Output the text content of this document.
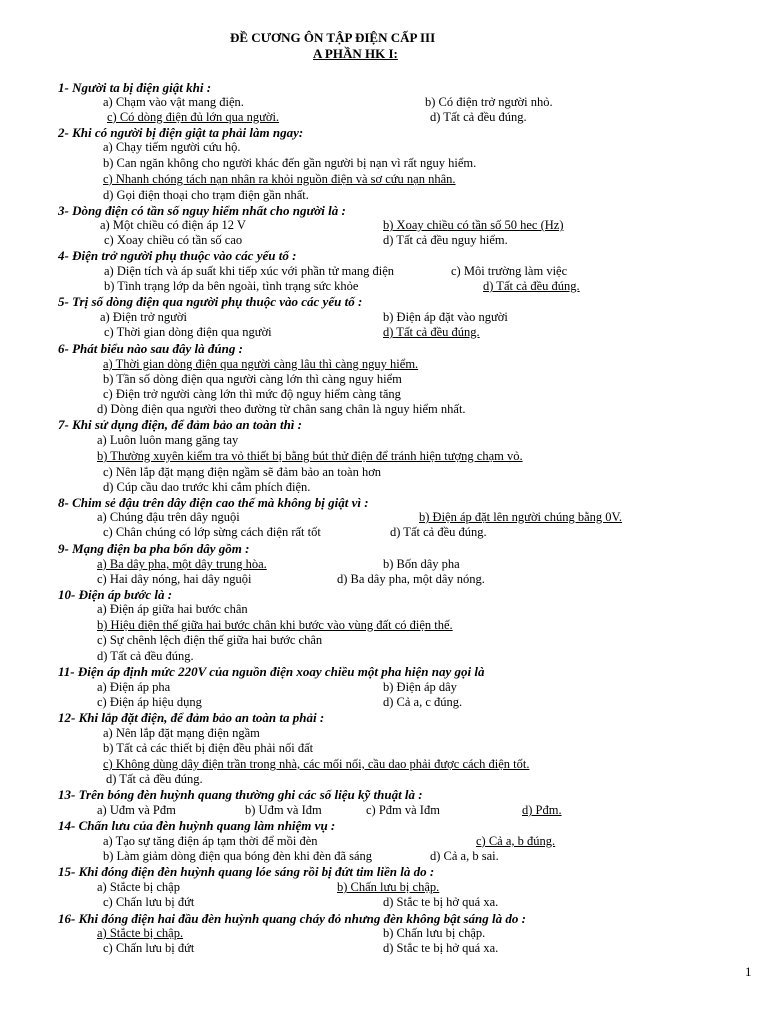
ĐỀ CƯƠNG ÔN TẬP ĐIỆN CẤP III
A PHẦN HK I:
1- Người ta bị điện giật khi :
a) Chạm vào vật mang điện.	b) Có điện trở người nhỏ.
c) Có dòng điện đủ lớn qua người.	d) Tất cả đều đúng.
2- Khi có người bị điện giật ta phải làm ngay:
a) Chạy tiếm người cứu hộ.
b) Can ngăn không cho người khác đến gần người bị nạn vì rất nguy hiểm.
c) Nhanh chóng tách nạn nhân ra khỏi nguồn điện và sơ cứu nạn nhân.
d) Gọi điện thoại cho trạm điện gần nhất.
3- Dòng điện có tần số nguy hiểm nhất cho người là :
a) Một chiều có điện áp 12 V	b) Xoay chiều có tần số 50 hec (Hz)
c) Xoay chiều có tần số cao	d) Tất cả đều nguy hiểm.
4- Điện trở người phụ thuộc vào các yếu tố :
a) Diện tích và áp suất khi tiếp xúc với phần tử mang điện	c) Môi trường làm việc
b) Tình trạng lớp da bên ngoài, tình trạng sức khỏe	d) Tất cả đều đúng.
5- Trị số dòng điện qua người phụ thuộc vào các yếu tố :
a) Điện trở người	b) Điện áp đặt vào người
c) Thời gian dòng điện qua người	d) Tất cả đều đúng.
6- Phát biểu nào sau đây là đúng :
a) Thời gian dòng điện qua người càng lâu thì càng nguy hiểm.
b) Tần số dòng điện qua người càng lớn thì càng nguy hiểm
c) Điện trở người càng lớn thì mức độ nguy hiểm càng tăng
d) Dòng điện qua người theo đường từ chân sang chân là nguy hiểm nhất.
7- Khi sử dụng điện, để đảm bảo an toàn thì :
a) Luôn luôn mang găng tay
b) Thường xuyên kiểm tra vỏ thiết bị bằng bút thử điện để tránh hiện tượng chạm vỏ.
c) Nên lắp đặt mạng điện ngầm sẽ đảm bảo an toàn hơn
d) Cúp cầu dao trước khi cắm phích điện.
8- Chim sẻ đậu trên dây điện cao thế mà không bị giật vì :
a) Chúng đậu trên dây nguội	b) Điện áp đặt lên người chúng bằng 0V.
c) Chân chúng có lớp sừng cách điện rất tốt	d) Tất cả đều đúng.
9- Mạng điện ba pha bốn dây gồm :
a) Ba dây pha, một dây trung hòa.	b) Bốn dây pha
c) Hai dây nóng, hai dây nguội	d) Ba dây pha, một dây nóng.
10- Điện áp bước là :
a) Điện áp giữa hai bước chân
b) Hiệu điện thế giữa hai bước chân khi bước vào vùng đất có điện thế.
c) Sự chênh lệch điện thế giữa hai bước chân
d) Tất cả đều đúng.
11- Điện áp định mức 220V của nguồn điện xoay chiều một pha hiện nay gọi là
a) Điện áp pha	b) Điện áp dây
c) Điện áp hiệu dụng	d) Cả a, c đúng.
12- Khi lắp đặt điện, để đảm bảo an toàn ta phải :
a) Nên lắp đặt mạng điện ngầm
b) Tất cả các thiết bị điện đều phải nối đất
c) Không dùng dây điện trần trong nhà, các mối nối, cầu dao phải được cách điện tốt.
d) Tất cả đều đúng.
13- Trên bóng đèn huỳnh quang thường ghi các số liệu kỹ thuật là :
a) Uđm và Pđm	b) Uđm và Iđm	c) Pđm và Iđm	d) Pđm.
14- Chấn lưu của đèn huỳnh quang làm nhiệm vụ :
a) Tạo sự tăng điện áp tạm thời để mồi đèn	c) Cả a, b đúng.
b) Làm giảm dòng điện qua bóng đèn khi đèn đã sáng	d) Cả a, b sai.
15- Khi đóng điện đèn huỳnh quang lóe sáng rồi bị đứt tim liền là do :
a) Stắcte bị chập	b) Chấn lưu bị chập.
c) Chấn lưu bị đứt	d) Stắc te bị hở quá xa.
16- Khi đóng điện hai đầu đèn huỳnh quang cháy đỏ nhưng đèn không bật sáng là do :
a) Stắcte bị chập.	b) Chấn lưu bị chập.
c) Chấn lưu bị đứt	d) Stắc te bị hở quá xa.
1
